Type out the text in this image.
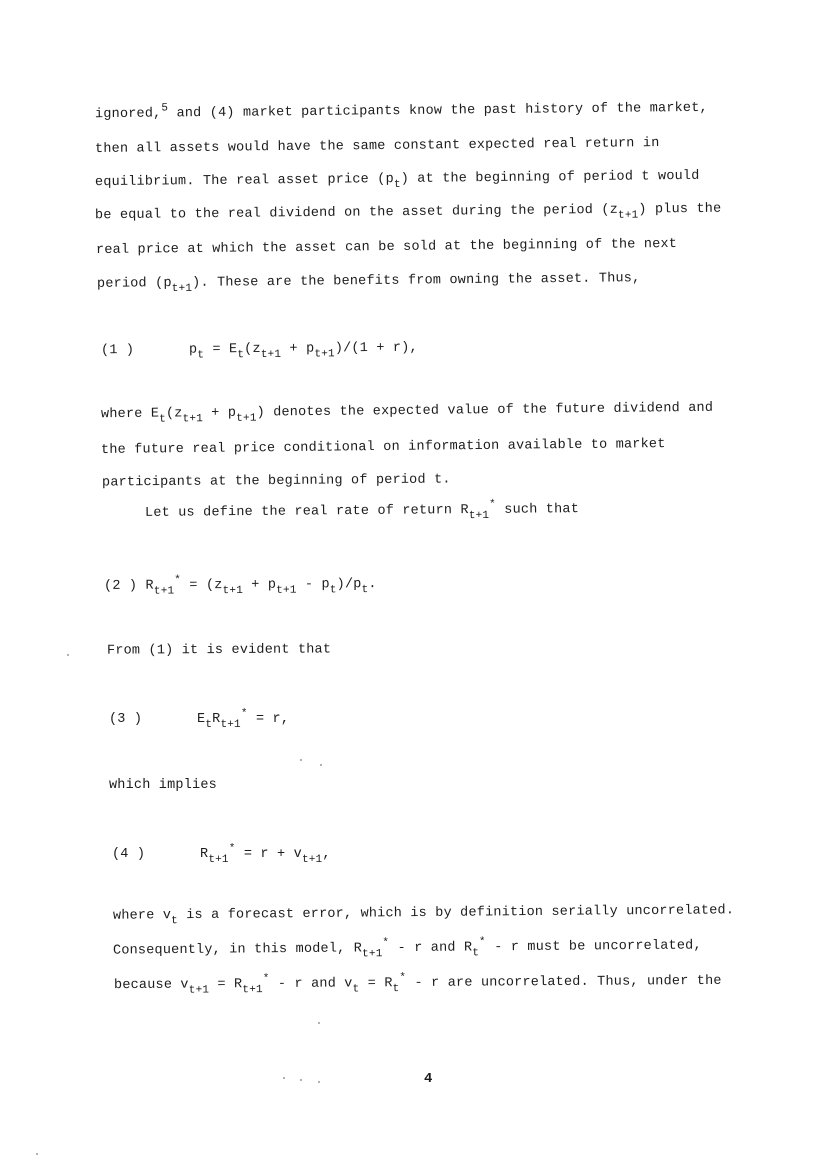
ignored,$^5$ and (4) market participants know the past history of the market,
then all assets would have the same constant expected real return in
equilibrium. The real asset price $(p_t)$ at the beginning of period t would
be equal to the real dividend on the asset during the period $(z_{t+1})$ plus the
real price at which the asset can be sold at the beginning of the next
period $(p_{t+1})$. These are the benefits from owning the asset. Thus,
(1 )	$p_t = E_t(z_{t+1} + p_{t+1})/(1 + r)$,
where $E_t(z_{t+1} + p_{t+1})$ denotes the expected value of the future dividend and
the future real price conditional on information available to market
participants at the beginning of period t.
Let us define the real rate of return $R_{t+1}^*$ such that
(2 ) $R_{t+1}^* = (z_{t+1} + p_{t+1} - p_t)/p_t$.
From (1) it is evident that
(3 )	$E_tR_{t+1}^* = r$,
which implies
(4 )	$R_{t+1}^* = r + v_{t+1}$,
where $v_t$ is a forecast error, which is by definition serially uncorrelated.
Consequently, in this model, $R_{t+1}^*$ - r and $R_t^*$ - r must be uncorrelated,
because $v_{t+1} = R_{t+1}^* - r$ and $v_t = R_t^* - r$ are uncorrelated. Thus, under the
4
